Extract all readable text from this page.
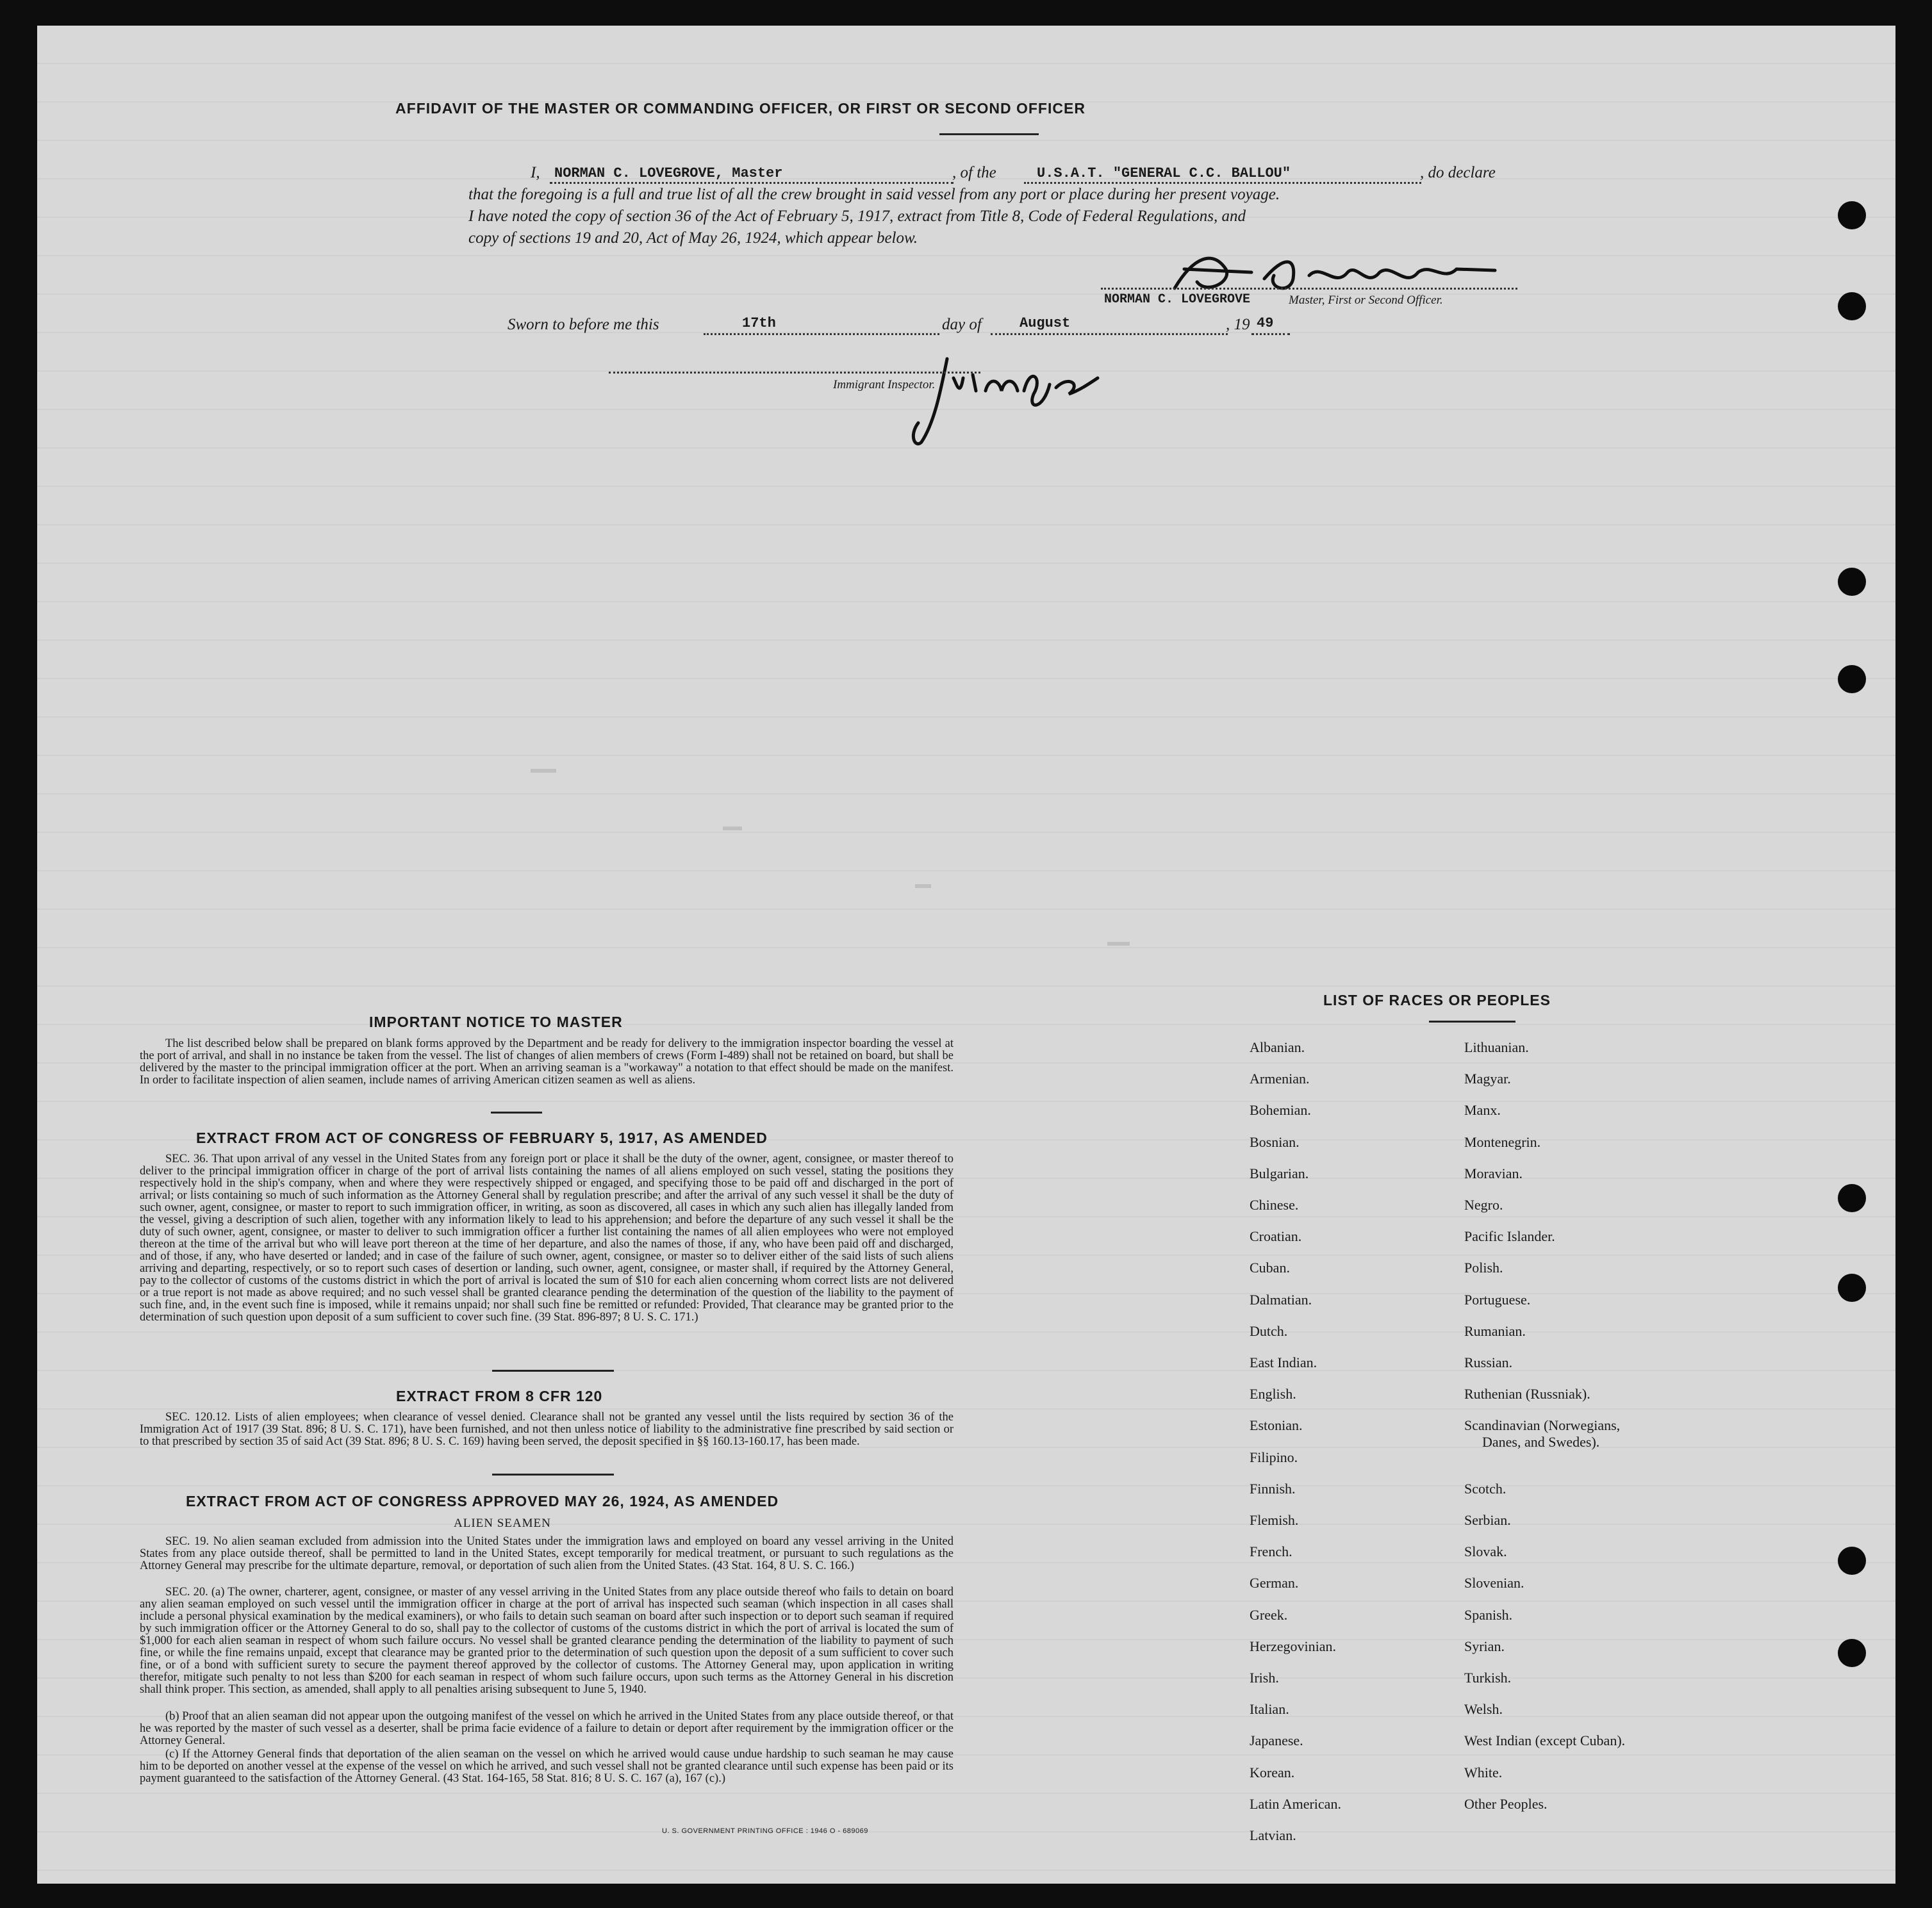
AFFIDAVIT OF THE MASTER OR COMMANDING OFFICER, OR FIRST OR SECOND OFFICER
I, NORMAN C. LOVEGROVE, Master	, of the	U.S.A.T. "GENERAL C.C. BALLOU"	, do declare
that the foregoing is a full and true list of all the crew brought in said vessel from any port or place during her present voyage.
I have noted the copy of section 36 of the Act of February 5, 1917, extract from Title 8, Code of Federal Regulations, and
copy of sections 19 and 20, Act of May 26, 1924, which appear below.
NORMAN C. LOVEGROVE	Master, First or Second Officer.
Sworn to before me this	17th	day of	August	, 19 49
Immigrant Inspector.
IMPORTANT NOTICE TO MASTER
The list described below shall be prepared on blank forms approved by the Department and be ready for delivery to the immigration inspector boarding the vessel at the port of arrival, and shall in no instance be taken from the vessel. The list of changes of alien members of crews (Form I-489) shall not be retained on board, but shall be delivered by the master to the principal immigration officer at the port. When an arriving seaman is a "workaway" a notation to that effect should be made on the manifest. In order to facilitate inspection of alien seamen, include names of arriving American citizen seamen as well as aliens.
EXTRACT FROM ACT OF CONGRESS OF FEBRUARY 5, 1917, AS AMENDED
SEC. 36. That upon arrival of any vessel in the United States from any foreign port or place it shall be the duty of the owner, agent, consignee, or master thereof to deliver to the principal immigration officer in charge of the port of arrival lists containing the names of all aliens employed on such vessel, stating the positions they respectively hold in the ship's company, when and where they were respectively shipped or engaged, and specifying those to be paid off and discharged in the port of arrival; or lists containing so much of such information as the Attorney General shall by regulation prescribe; and after the arrival of any such vessel it shall be the duty of such owner, agent, consignee, or master to report to such immigration officer, in writing, as soon as discovered, all cases in which any such alien has illegally landed from the vessel, giving a description of such alien, together with any information likely to lead to his apprehension; and before the departure of any such vessel it shall be the duty of such owner, agent, consignee, or master to deliver to such immigration officer a further list containing the names of all alien employees who were not employed thereon at the time of the arrival but who will leave port thereon at the time of her departure, and also the names of those, if any, who have been paid off and discharged, and of those, if any, who have deserted or landed; and in case of the failure of such owner, agent, consignee, or master so to deliver either of the said lists of such aliens arriving and departing, respectively, or so to report such cases of desertion or landing, such owner, agent, consignee, or master shall, if required by the Attorney General, pay to the collector of customs of the customs district in which the port of arrival is located the sum of $10 for each alien concerning whom correct lists are not delivered or a true report is not made as above required; and no such vessel shall be granted clearance pending the determination of the question of the liability to the payment of such fine, and, in the event such fine is imposed, while it remains unpaid; nor shall such fine be remitted or refunded: Provided, That clearance may be granted prior to the determination of such question upon deposit of a sum sufficient to cover such fine. (39 Stat. 896-897; 8 U. S. C. 171.)
EXTRACT FROM 8 CFR 120
SEC. 120.12. Lists of alien employees; when clearance of vessel denied. Clearance shall not be granted any vessel until the lists required by section 36 of the Immigration Act of 1917 (39 Stat. 896; 8 U. S. C. 171), have been furnished, and not then unless notice of liability to the administrative fine prescribed by said section or to that prescribed by section 35 of said Act (39 Stat. 896; 8 U. S. C. 169) having been served, the deposit specified in §§ 160.13-160.17, has been made.
EXTRACT FROM ACT OF CONGRESS APPROVED MAY 26, 1924, AS AMENDED
ALIEN SEAMEN
SEC. 19. No alien seaman excluded from admission into the United States under the immigration laws and employed on board any vessel arriving in the United States from any place outside thereof, shall be permitted to land in the United States, except temporarily for medical treatment, or pursuant to such regulations as the Attorney General may prescribe for the ultimate departure, removal, or deportation of such alien from the United States. (43 Stat. 164, 8 U. S. C. 166.)
SEC. 20. (a) The owner, charterer, agent, consignee, or master of any vessel arriving in the United States from any place outside thereof who fails to detain on board any alien seaman employed on such vessel until the immigration officer in charge at the port of arrival has inspected such seaman (which inspection in all cases shall include a personal physical examination by the medical examiners), or who fails to detain such seaman on board after such inspection or to deport such seaman if required by such immigration officer or the Attorney General to do so, shall pay to the collector of customs of the customs district in which the port of arrival is located the sum of $1,000 for each alien seaman in respect of whom such failure occurs. No vessel shall be granted clearance pending the determination of the liability to payment of such fine, or while the fine remains unpaid, except that clearance may be granted prior to the determination of such question upon the deposit of a sum sufficient to cover such fine, or of a bond with sufficient surety to secure the payment thereof approved by the collector of customs. The Attorney General may, upon application in writing therefor, mitigate such penalty to not less than $200 for each seaman in respect of whom such failure occurs, upon such terms as the Attorney General in his discretion shall think proper. This section, as amended, shall apply to all penalties arising subsequent to June 5, 1940.
(b) Proof that an alien seaman did not appear upon the outgoing manifest of the vessel on which he arrived in the United States from any place outside thereof, or that he was reported by the master of such vessel as a deserter, shall be prima facie evidence of a failure to detain or deport after requirement by the immigration officer or the Attorney General.
(c) If the Attorney General finds that deportation of the alien seaman on the vessel on which he arrived would cause undue hardship to such seaman he may cause him to be deported on another vessel at the expense of the vessel on which he arrived, and such vessel shall not be granted clearance until such expense has been paid or its payment guaranteed to the satisfaction of the Attorney General. (43 Stat. 164-165, 58 Stat. 816; 8 U. S. C. 167 (a), 167 (c).)
U. S. GOVERNMENT PRINTING OFFICE : 1946 O - 689069
LIST OF RACES OR PEOPLES
Albanian.
Armenian.
Bohemian.
Bosnian.
Bulgarian.
Chinese.
Croatian.
Cuban.
Dalmatian.
Dutch.
East Indian.
English.
Estonian.
Filipino.
Finnish.
Flemish.
French.
German.
Greek.
Herzegovinian.
Irish.
Italian.
Japanese.
Korean.
Latin American.
Latvian.
Lithuanian.
Magyar.
Manx.
Montenegrin.
Moravian.
Negro.
Pacific Islander.
Polish.
Portuguese.
Rumanian.
Russian.
Ruthenian (Russniak).
Scandinavian (Norwegians,
Danes, and Swedes).
Scotch.
Serbian.
Slovak.
Slovenian.
Spanish.
Syrian.
Turkish.
Welsh.
West Indian (except Cuban).
White.
Other Peoples.
